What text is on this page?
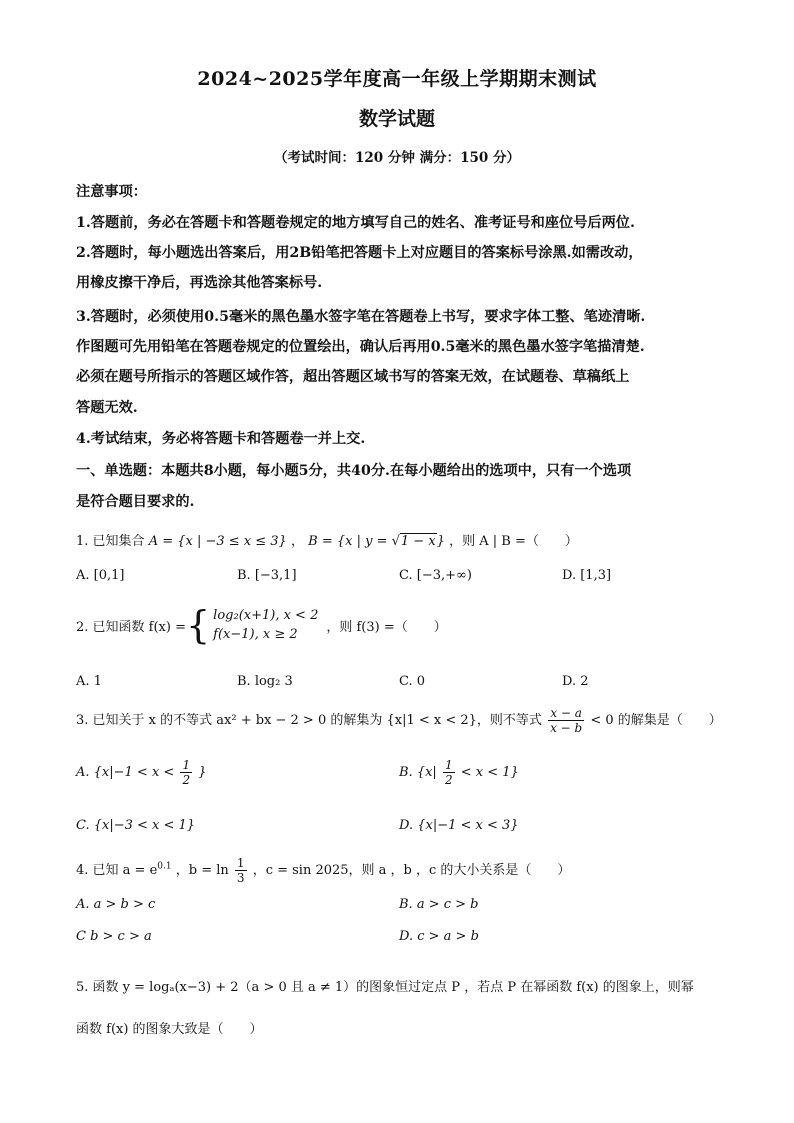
2024~2025学年度高一年级上学期期末测试
数学试题
（考试时间：120 分钟 满分：150 分）
注意事项：
1.答题前，务必在答题卡和答题卷规定的地方填写自己的姓名、准考证号和座位号后两位.
2.答题时，每小题选出答案后，用2B铅笔把答题卡上对应题目的答案标号涂黑.如需改动，
用橡皮擦干净后，再选涂其他答案标号.
3.答题时，必须使用0.5毫米的黑色墨水签字笔在答题卷上书写，要求字体工整、笔迹清晰.
作图题可先用铅笔在答题卷规定的位置绘出，确认后再用0.5毫米的黑色墨水签字笔描清楚.
必须在题号所指示的答题区域作答，超出答题区域书写的答案无效，在试题卷、草稿纸上
答题无效.
4.考试结束，务必将答题卡和答题卷一并上交.
一、单选题：本题共8小题，每小题5分，共40分.在每小题给出的选项中，只有一个选项
是符合题目要求的.
1. 已知集合 A = {x | −3 ≤ x ≤ 3} ， B = {x | y = √1 − x} ，则 A | B =（　　）
A. [0,1]	B. [−3,1]	C. [−3,+∞)	D. [1,3]
2. 已知函数 f(x) = { log₂(x+1), x < 2
f(x−1), x ≥ 2	，则 f(3) =（　　）
A. 1	B. log₂ 3	C. 0	D. 2
3. 已知关于 x 的不等式 ax² + bx − 2 > 0 的解集为 {x|1 < x < 2}，则不等式 $\frac{x - a}{x - b} < 0$ 的解集是（　　）
A. {$x|-1 < x < \frac{1}{2}$ }	B. $\{x| \frac{1}{2} < x < 1\}$
C. {x|−3 < x < 1}	D. {x|−1 < x < 3}
4. 已知 $a = e^{0.1}$ ，$b = \ln \frac{1}{3}$ ，c = sin 2025，则 a ，b ，c 的大小关系是（　　）
A. a > b > c	B. a > c > b
C b > c > a	D. c > a > b
5. 函数 y = logₐ(x−3) + 2（a > 0 且 a ≠ 1）的图象恒过定点 P ，若点 P 在幂函数 f(x) 的图象上，则幂
函数 f(x) 的图象大致是（　　）
